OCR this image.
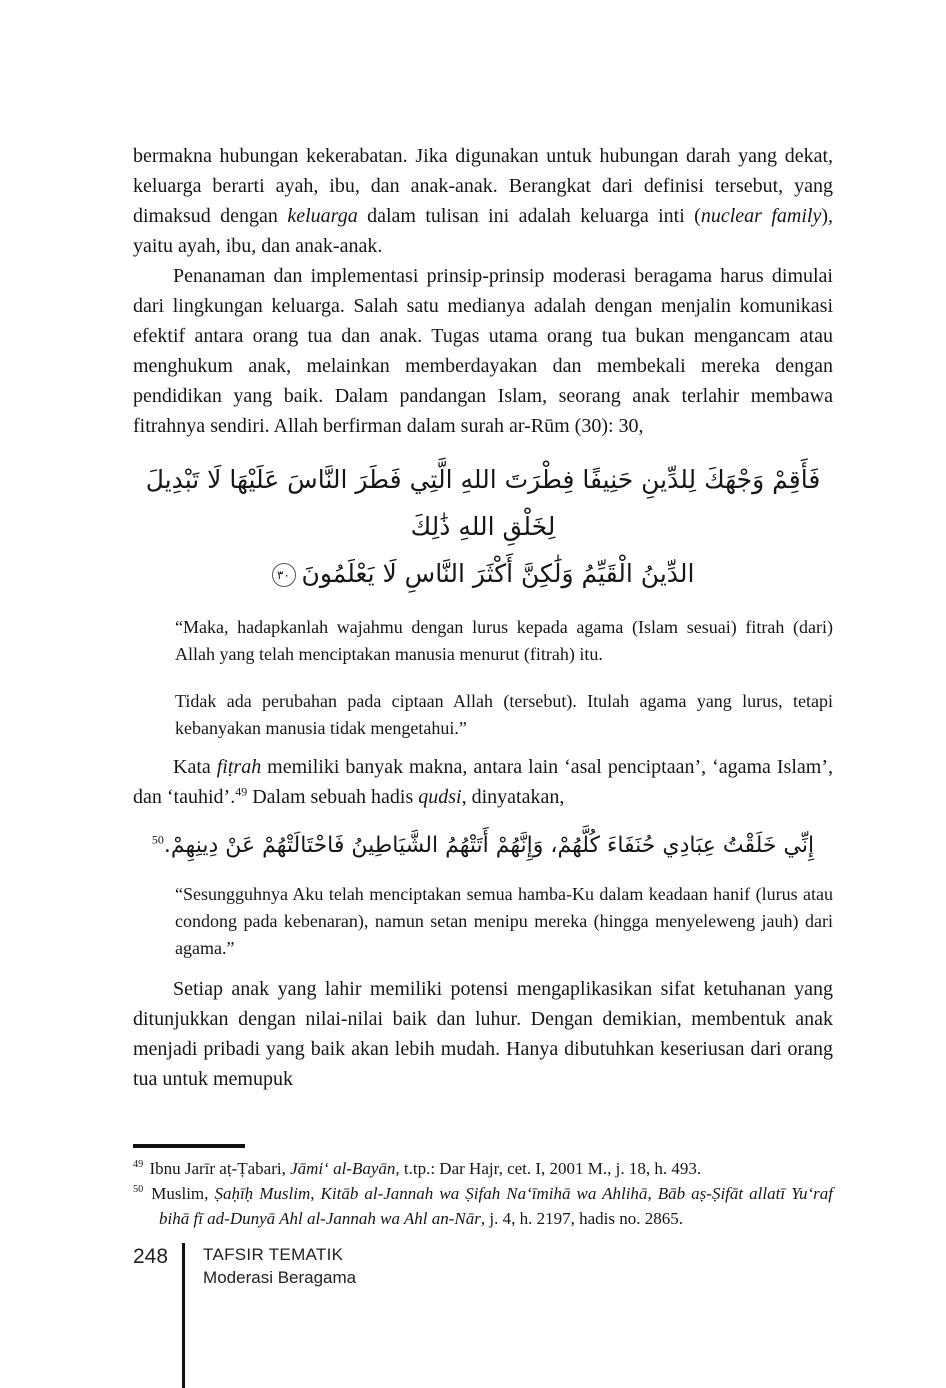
bermakna hubungan kekerabatan. Jika digunakan untuk hubungan darah yang dekat, keluarga berarti ayah, ibu, dan anak-anak. Berangkat dari definisi tersebut, yang dimaksud dengan keluarga dalam tulisan ini adalah keluarga inti (nuclear family), yaitu ayah, ibu, dan anak-anak.

Penanaman dan implementasi prinsip-prinsip moderasi beragama harus dimulai dari lingkungan keluarga. Salah satu medianya adalah dengan menjalin komunikasi efektif antara orang tua dan anak. Tugas utama orang tua bukan mengancam atau menghukum anak, melainkan memberdayakan dan membekali mereka dengan pendidikan yang baik. Dalam pandangan Islam, seorang anak terlahir membawa fitrahnya sendiri. Allah berfirman dalam surah ar-Rūm (30): 30,

فَأَقِمْ وَجْهَكَ لِلدِّينِ حَنِيفًا فِطْرَتَ اللهِ الَّتِي فَطَرَ النَّاسَ عَلَيْهَا لَا تَبْدِيلَ لِخَلْقِ اللهِ ذَٰلِكَ
الدِّينُ الْقَيِّمُ وَلَٰكِنَّ أَكْثَرَ النَّاسِ لَا يَعْلَمُونَ٣٠

“Maka, hadapkanlah wajahmu dengan lurus kepada agama (Islam sesuai) fitrah (dari) Allah yang telah menciptakan manusia menurut (fitrah) itu.

Tidak ada perubahan pada ciptaan Allah (tersebut). Itulah agama yang lurus, tetapi kebanyakan manusia tidak mengetahui.”

Kata fiṭrah memiliki banyak makna, antara lain ‘asal penciptaan’, ‘agama Islam’, dan ‘tauhid’.$^{49}$ Dalam sebuah hadis qudsi, dinyatakan,

إِنِّي خَلَقْتُ عِبَادِي حُنَفَاءَ كُلَّهُمْ، وَإِنَّهُمْ أَتَتْهُمُ الشَّيَاطِينُ فَاحْتَالَتْهُمْ عَنْ دِينِهِمْ.$^{50}$

“Sesungguhnya Aku telah menciptakan semua hamba-Ku dalam keadaan hanif (lurus atau condong pada kebenaran), namun setan menipu mereka (hingga menyeleweng jauh) dari agama.”

Setiap anak yang lahir memiliki potensi mengaplikasikan sifat ketuhanan yang ditunjukkan dengan nilai-nilai baik dan luhur. Dengan demikian, membentuk anak menjadi pribadi yang baik akan lebih mudah. Hanya dibutuhkan keseriusan dari orang tua untuk memupuk

$^{49}$ Ibnu Jarīr aṭ-Ṭabari, Jāmi‘ al-Bayān, t.tp.: Dar Hajr, cet. I, 2001 M., j. 18, h. 493.

$^{50}$ Muslim, Ṣaḥīḥ Muslim, Kitāb al-Jannah wa Ṣifah Na‘īmihā wa Ahlihā, Bāb aṣ-Ṣifāt allatī Yu‘raf bihā fī ad-Dunyā Ahl al-Jannah wa Ahl an-Nār, j. 4, h. 2197, hadis no. 2865.

248 TAFSIR TEMATIK
Moderasi Beragama
